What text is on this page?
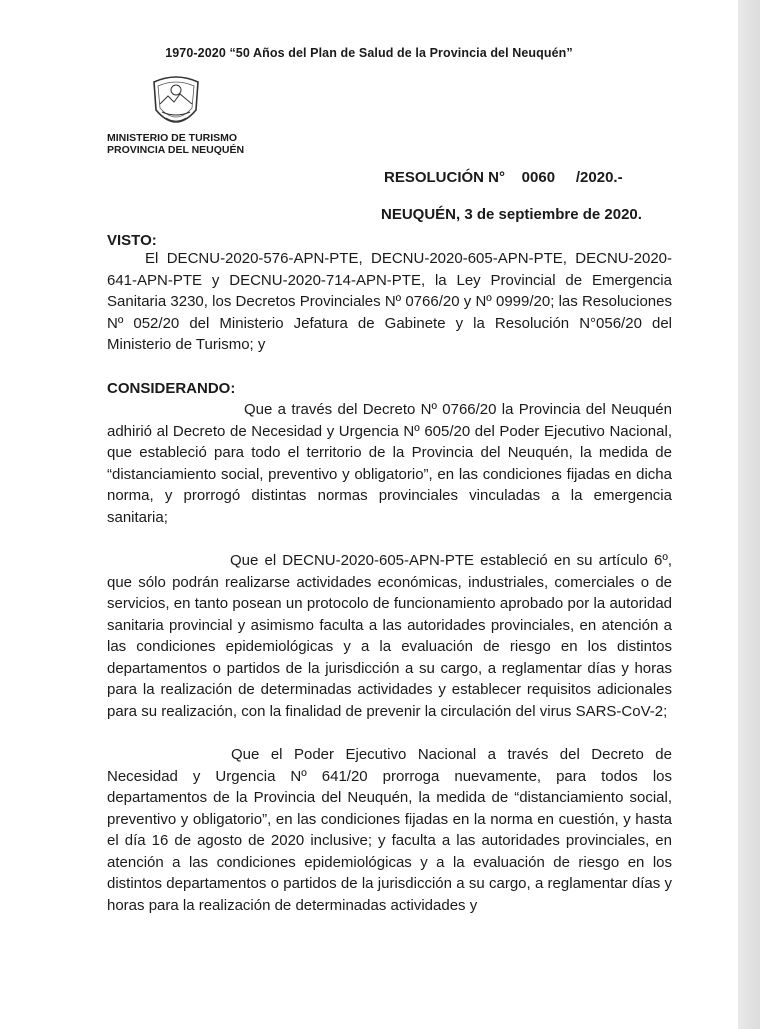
1970-2020 “50 Años del Plan de Salud de la Provincia del Neuquén”
MINISTERIO DE TURISMO
PROVINCIA DEL NEUQUÉN
RESOLUCIÓN N°    0060     /2020.-
NEUQUÉN, 3 de septiembre de 2020.
VISTO:

El DECNU-2020-576-APN-PTE, DECNU-2020-605-APN-PTE, DECNU-2020-641-APN-PTE y DECNU-2020-714-APN-PTE, la Ley Provincial de Emergencia Sanitaria 3230, los Decretos Provinciales Nº 0766/20 y Nº 0999/20; las Resoluciones Nº 052/20 del Ministerio Jefatura de Gabinete y la Resolución N°056/20 del Ministerio de Turismo; y

CONSIDERANDO:

Que a través del Decreto Nº 0766/20 la Provincia del Neuquén adhirió al Decreto de Necesidad y Urgencia Nº 605/20 del Poder Ejecutivo Nacional, que estableció para todo el territorio de la Provincia del Neuquén, la medida de “distanciamiento social, preventivo y obligatorio”, en las condiciones fijadas en dicha norma, y prorrogó distintas normas provinciales vinculadas a la emergencia sanitaria;

Que el DECNU-2020-605-APN-PTE estableció en su artículo 6º, que sólo podrán realizarse actividades económicas, industriales, comerciales o de servicios, en tanto posean un protocolo de funcionamiento aprobado por la autoridad sanitaria provincial y asimismo faculta a las autoridades provinciales, en atención a las condiciones epidemiológicas y a la evaluación de riesgo en los distintos departamentos o partidos de la jurisdicción a su cargo, a reglamentar días y horas para la realización de determinadas actividades y establecer requisitos adicionales para su realización, con la finalidad de prevenir la circulación del virus SARS-CoV-2;

Que el Poder Ejecutivo Nacional a través del Decreto de Necesidad y Urgencia Nº 641/20 prorroga nuevamente, para todos los departamentos de la Provincia del Neuquén, la medida de “distanciamiento social, preventivo y obligatorio”, en las condiciones fijadas en la norma en cuestión, y hasta el día 16 de agosto de 2020 inclusive; y faculta a las autoridades provinciales, en atención a las condiciones epidemiológicas y a la evaluación de riesgo en los distintos departamentos o partidos de la jurisdicción a su cargo, a reglamentar días y horas para la realización de determinadas actividades y
